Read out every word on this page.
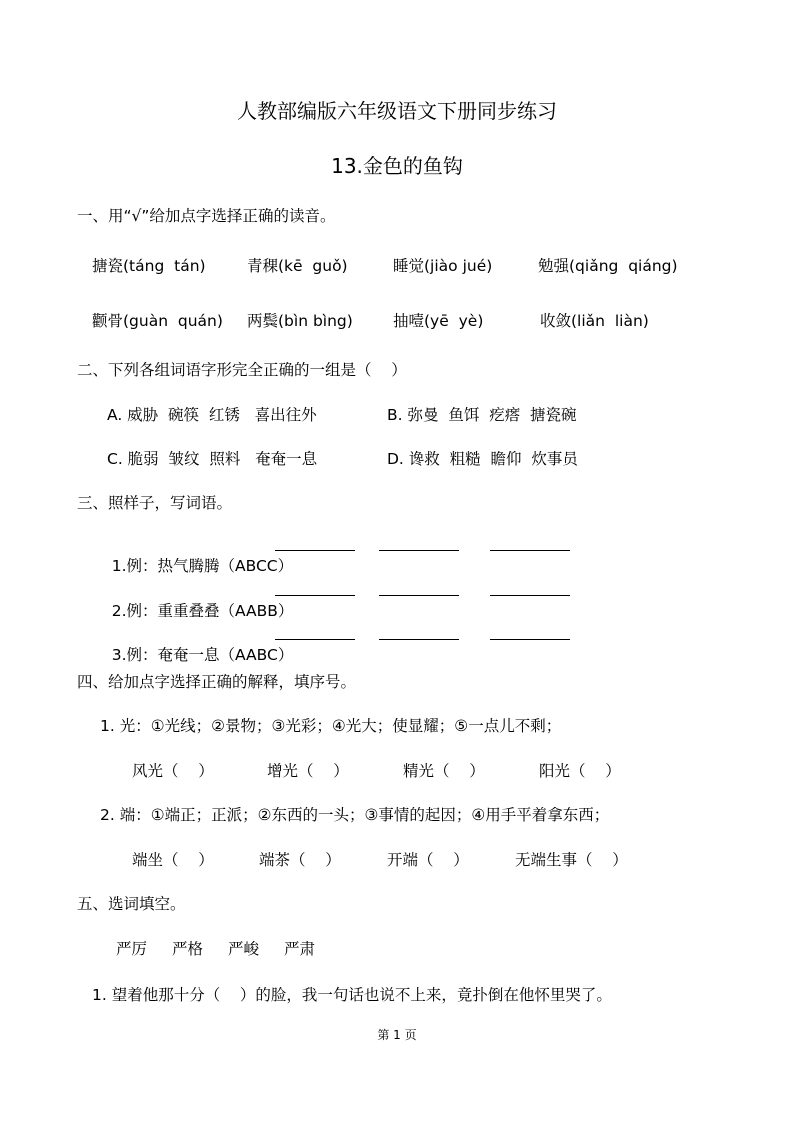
人教部编版六年级语文下册同步练习
13.金色的鱼钩
一、用“√”给加点字选择正确的读音。
搪瓷(táng  tán)	青稞(kē  guǒ)	睡觉(jiào jué)	勉强(qiǎng  qiáng)
颧骨(guàn  quán) 两鬓(bìn bìng)	抽噎(yē  yè)	收敛(liǎn  liàn)
二、下列各组词语字形完全正确的一组是（    ）
A. 威胁  碗筷  红锈   喜出往外	B. 弥曼  鱼饵  疙瘩  搪瓷碗
C. 脆弱  皱纹  照料   奄奄一息	D. 谗救  粗糙  瞻仰  炊事员
三、照样子，写词语。

1.例：热气腾腾（ABCC）

2.例：重重叠叠（AABB）

3.例：奄奄一息（AABC）

四、给加点字选择正确的解释，填序号。
1. 光：①光线；②景物；③光彩；④光大；使显耀；⑤一点儿不剩；
风光（    ）	增光（    ）	精光（    ）	阳光（    ）
2. 端：①端正；正派；②东西的一头；③事情的起因；④用手平着拿东西；
端坐（    ）	端茶（    ）	开端（    ）	无端生事（    ）
五、选词填空。
严厉 严格 严峻 严肃
1. 望着他那十分（    ）的脸，我一句话也说不上来，竟扑倒在他怀里哭了。
第 1 页
